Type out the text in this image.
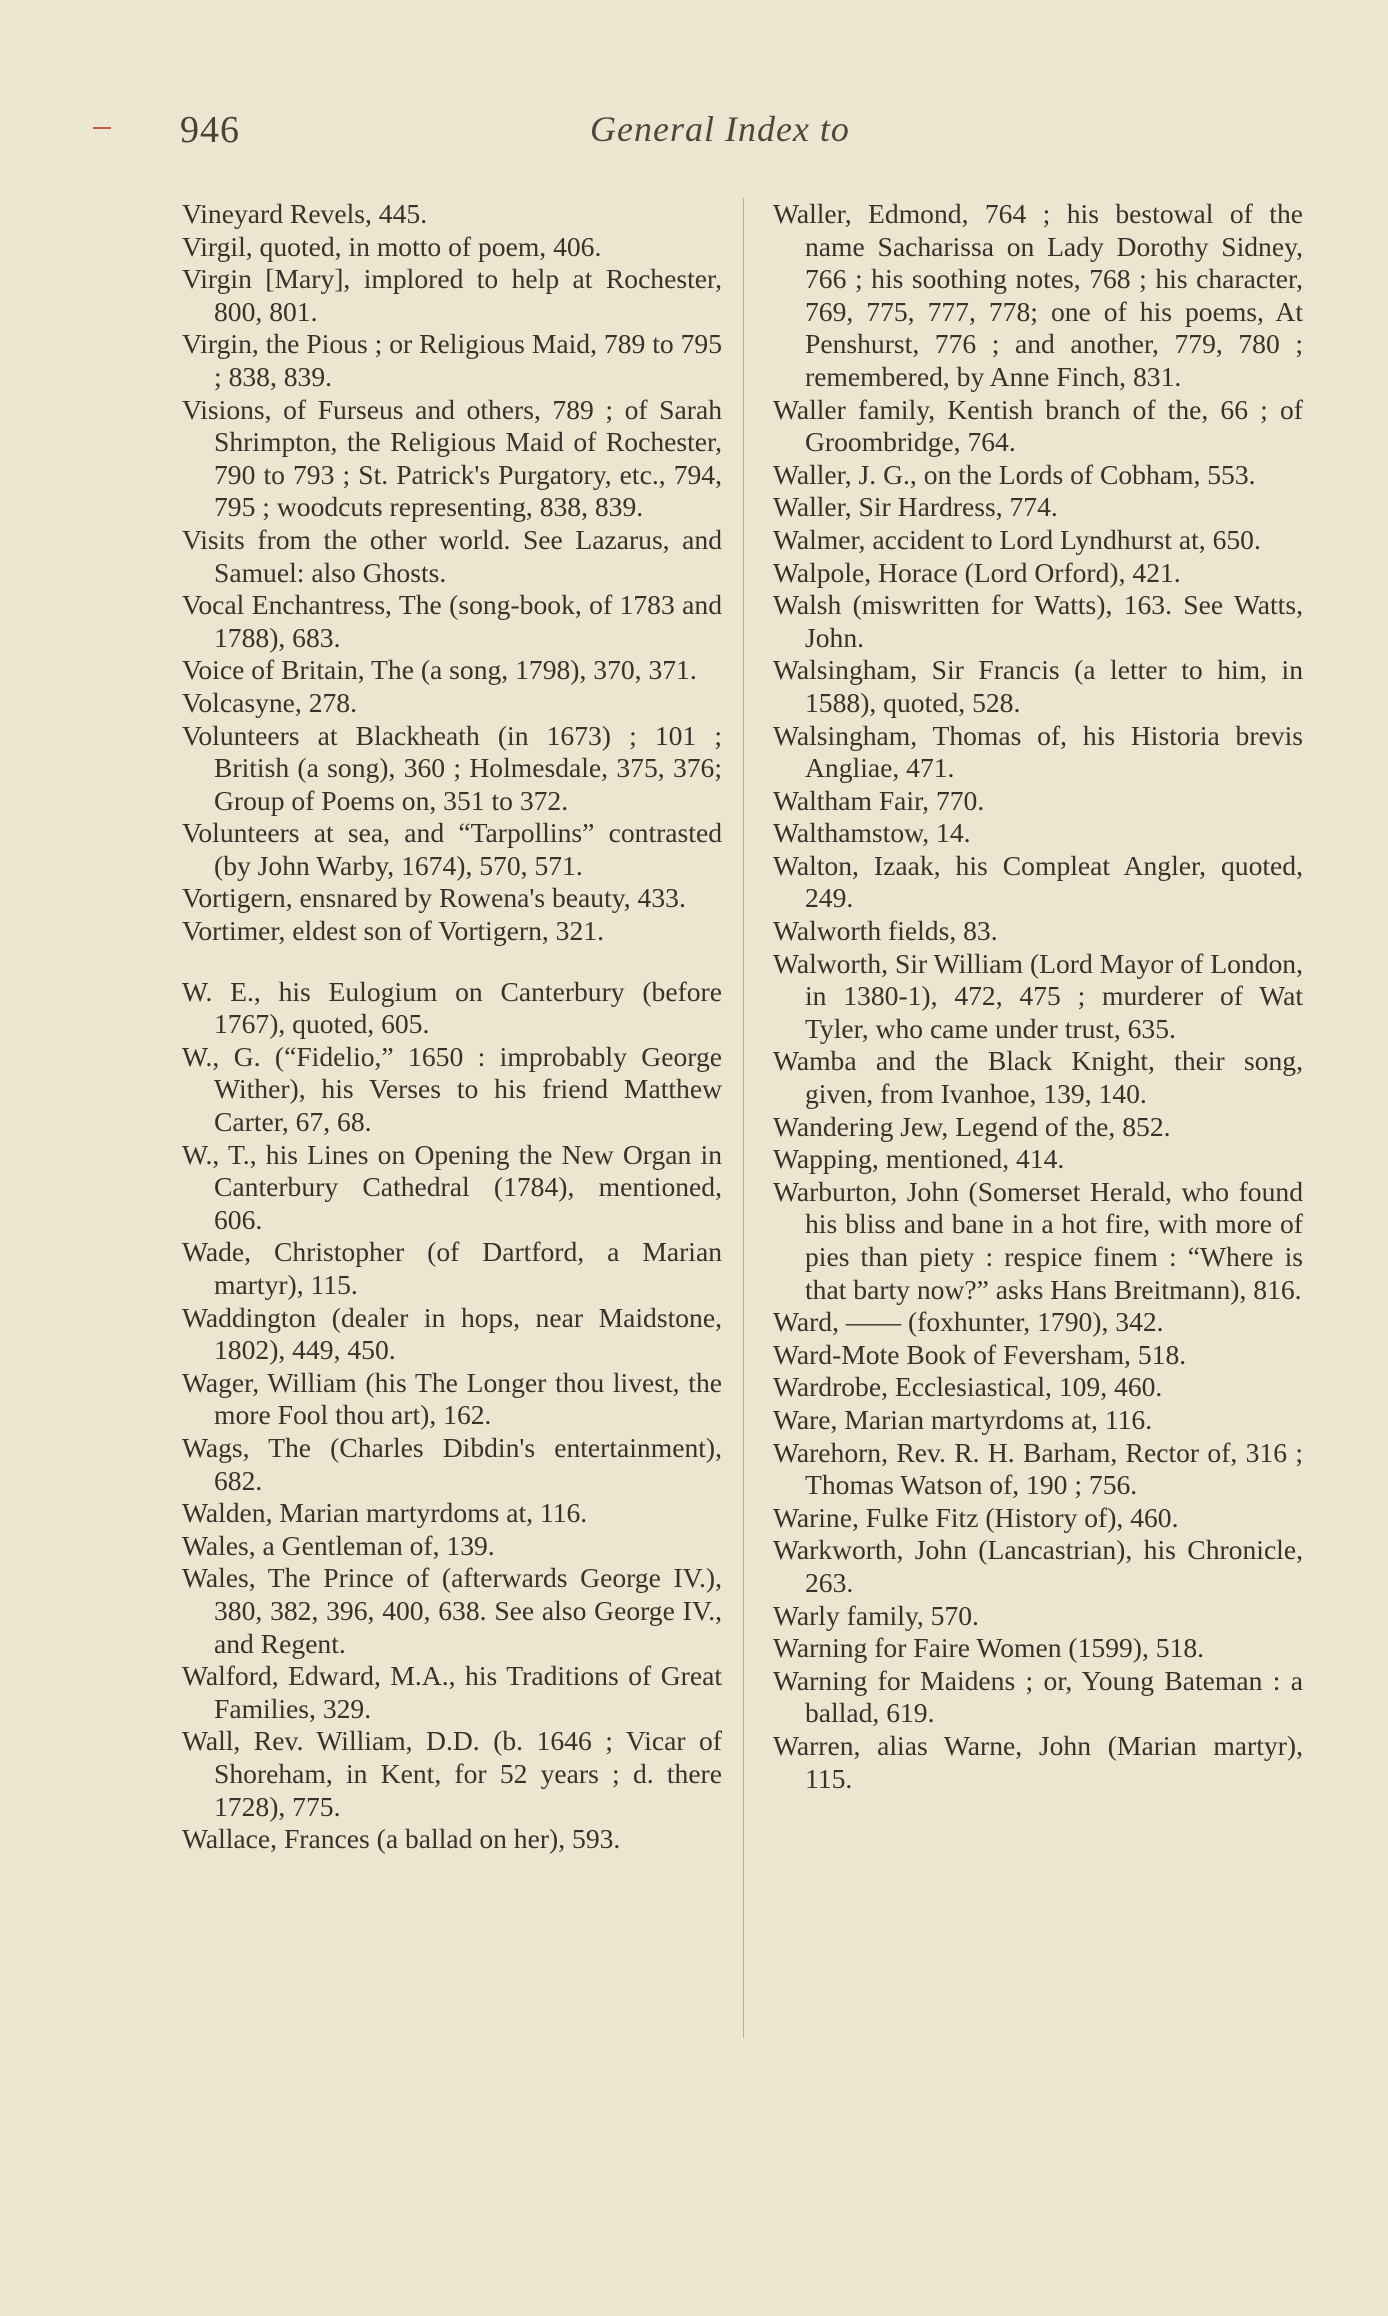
946	General Index to
Vineyard Revels, 445.
Virgil, quoted, in motto of poem, 406.
Virgin [Mary], implored to help at Rochester, 800, 801.
Virgin, the Pious ; or Religious Maid, 789 to 795 ; 838, 839.
Visions, of Furseus and others, 789 ; of Sarah Shrimpton, the Religious Maid of Rochester, 790 to 793 ; St. Patrick's Purgatory, etc., 794, 795 ; woodcuts representing, 838, 839.
Visits from the other world. See Lazarus, and Samuel: also Ghosts.
Vocal Enchantress, The (song-book, of 1783 and 1788), 683.
Voice of Britain, The (a song, 1798), 370, 371.
Volcasyne, 278.
Volunteers at Blackheath (in 1673) ; 101 ; British (a song), 360 ; Holmesdale, 375, 376; Group of Poems on, 351 to 372.
Volunteers at sea, and “Tarpollins” contrasted (by John Warby, 1674), 570, 571.
Vortigern, ensnared by Rowena's beauty, 433.
Vortimer, eldest son of Vortigern, 321.
W. E., his Eulogium on Canterbury (before 1767), quoted, 605.
W., G. (“Fidelio,” 1650 : improbably George Wither), his Verses to his friend Matthew Carter, 67, 68.
W., T., his Lines on Opening the New Organ in Canterbury Cathedral (1784), mentioned, 606.
Wade, Christopher (of Dartford, a Marian martyr), 115.
Waddington (dealer in hops, near Maidstone, 1802), 449, 450.
Wager, William (his The Longer thou livest, the more Fool thou art), 162.
Wags, The (Charles Dibdin's entertainment), 682.
Walden, Marian martyrdoms at, 116.
Wales, a Gentleman of, 139.
Wales, The Prince of (afterwards George IV.), 380, 382, 396, 400, 638. See also George IV., and Regent.
Walford, Edward, M.A., his Traditions of Great Families, 329.
Wall, Rev. William, D.D. (b. 1646 ; Vicar of Shoreham, in Kent, for 52 years ; d. there 1728), 775.
Wallace, Frances (a ballad on her), 593.
Waller, Edmond, 764 ; his bestowal of the name Sacharissa on Lady Dorothy Sidney, 766 ; his soothing notes, 768 ; his character, 769, 775, 777, 778; one of his poems, At Penshurst, 776 ; and another, 779, 780 ; remembered, by Anne Finch, 831.
Waller family, Kentish branch of the, 66 ; of Groombridge, 764.
Waller, J. G., on the Lords of Cobham, 553.
Waller, Sir Hardress, 774.
Walmer, accident to Lord Lyndhurst at, 650.
Walpole, Horace (Lord Orford), 421.
Walsh (miswritten for Watts), 163. See Watts, John.
Walsingham, Sir Francis (a letter to him, in 1588), quoted, 528.
Walsingham, Thomas of, his Historia brevis Angliae, 471.
Waltham Fair, 770.
Walthamstow, 14.
Walton, Izaak, his Compleat Angler, quoted, 249.
Walworth fields, 83.
Walworth, Sir William (Lord Mayor of London, in 1380-1), 472, 475 ; murderer of Wat Tyler, who came under trust, 635.
Wamba and the Black Knight, their song, given, from Ivanhoe, 139, 140.
Wandering Jew, Legend of the, 852.
Wapping, mentioned, 414.
Warburton, John (Somerset Herald, who found his bliss and bane in a hot fire, with more of pies than piety : respice finem : “Where is that barty now?” asks Hans Breitmann), 816.
Ward, —— (foxhunter, 1790), 342.
Ward-Mote Book of Feversham, 518.
Wardrobe, Ecclesiastical, 109, 460.
Ware, Marian martyrdoms at, 116.
Warehorn, Rev. R. H. Barham, Rector of, 316 ; Thomas Watson of, 190 ; 756.
Warine, Fulke Fitz (History of), 460.
Warkworth, John (Lancastrian), his Chronicle, 263.
Warly family, 570.
Warning for Faire Women (1599), 518.
Warning for Maidens ; or, Young Bateman : a ballad, 619.
Warren, alias Warne, John (Marian martyr), 115.
